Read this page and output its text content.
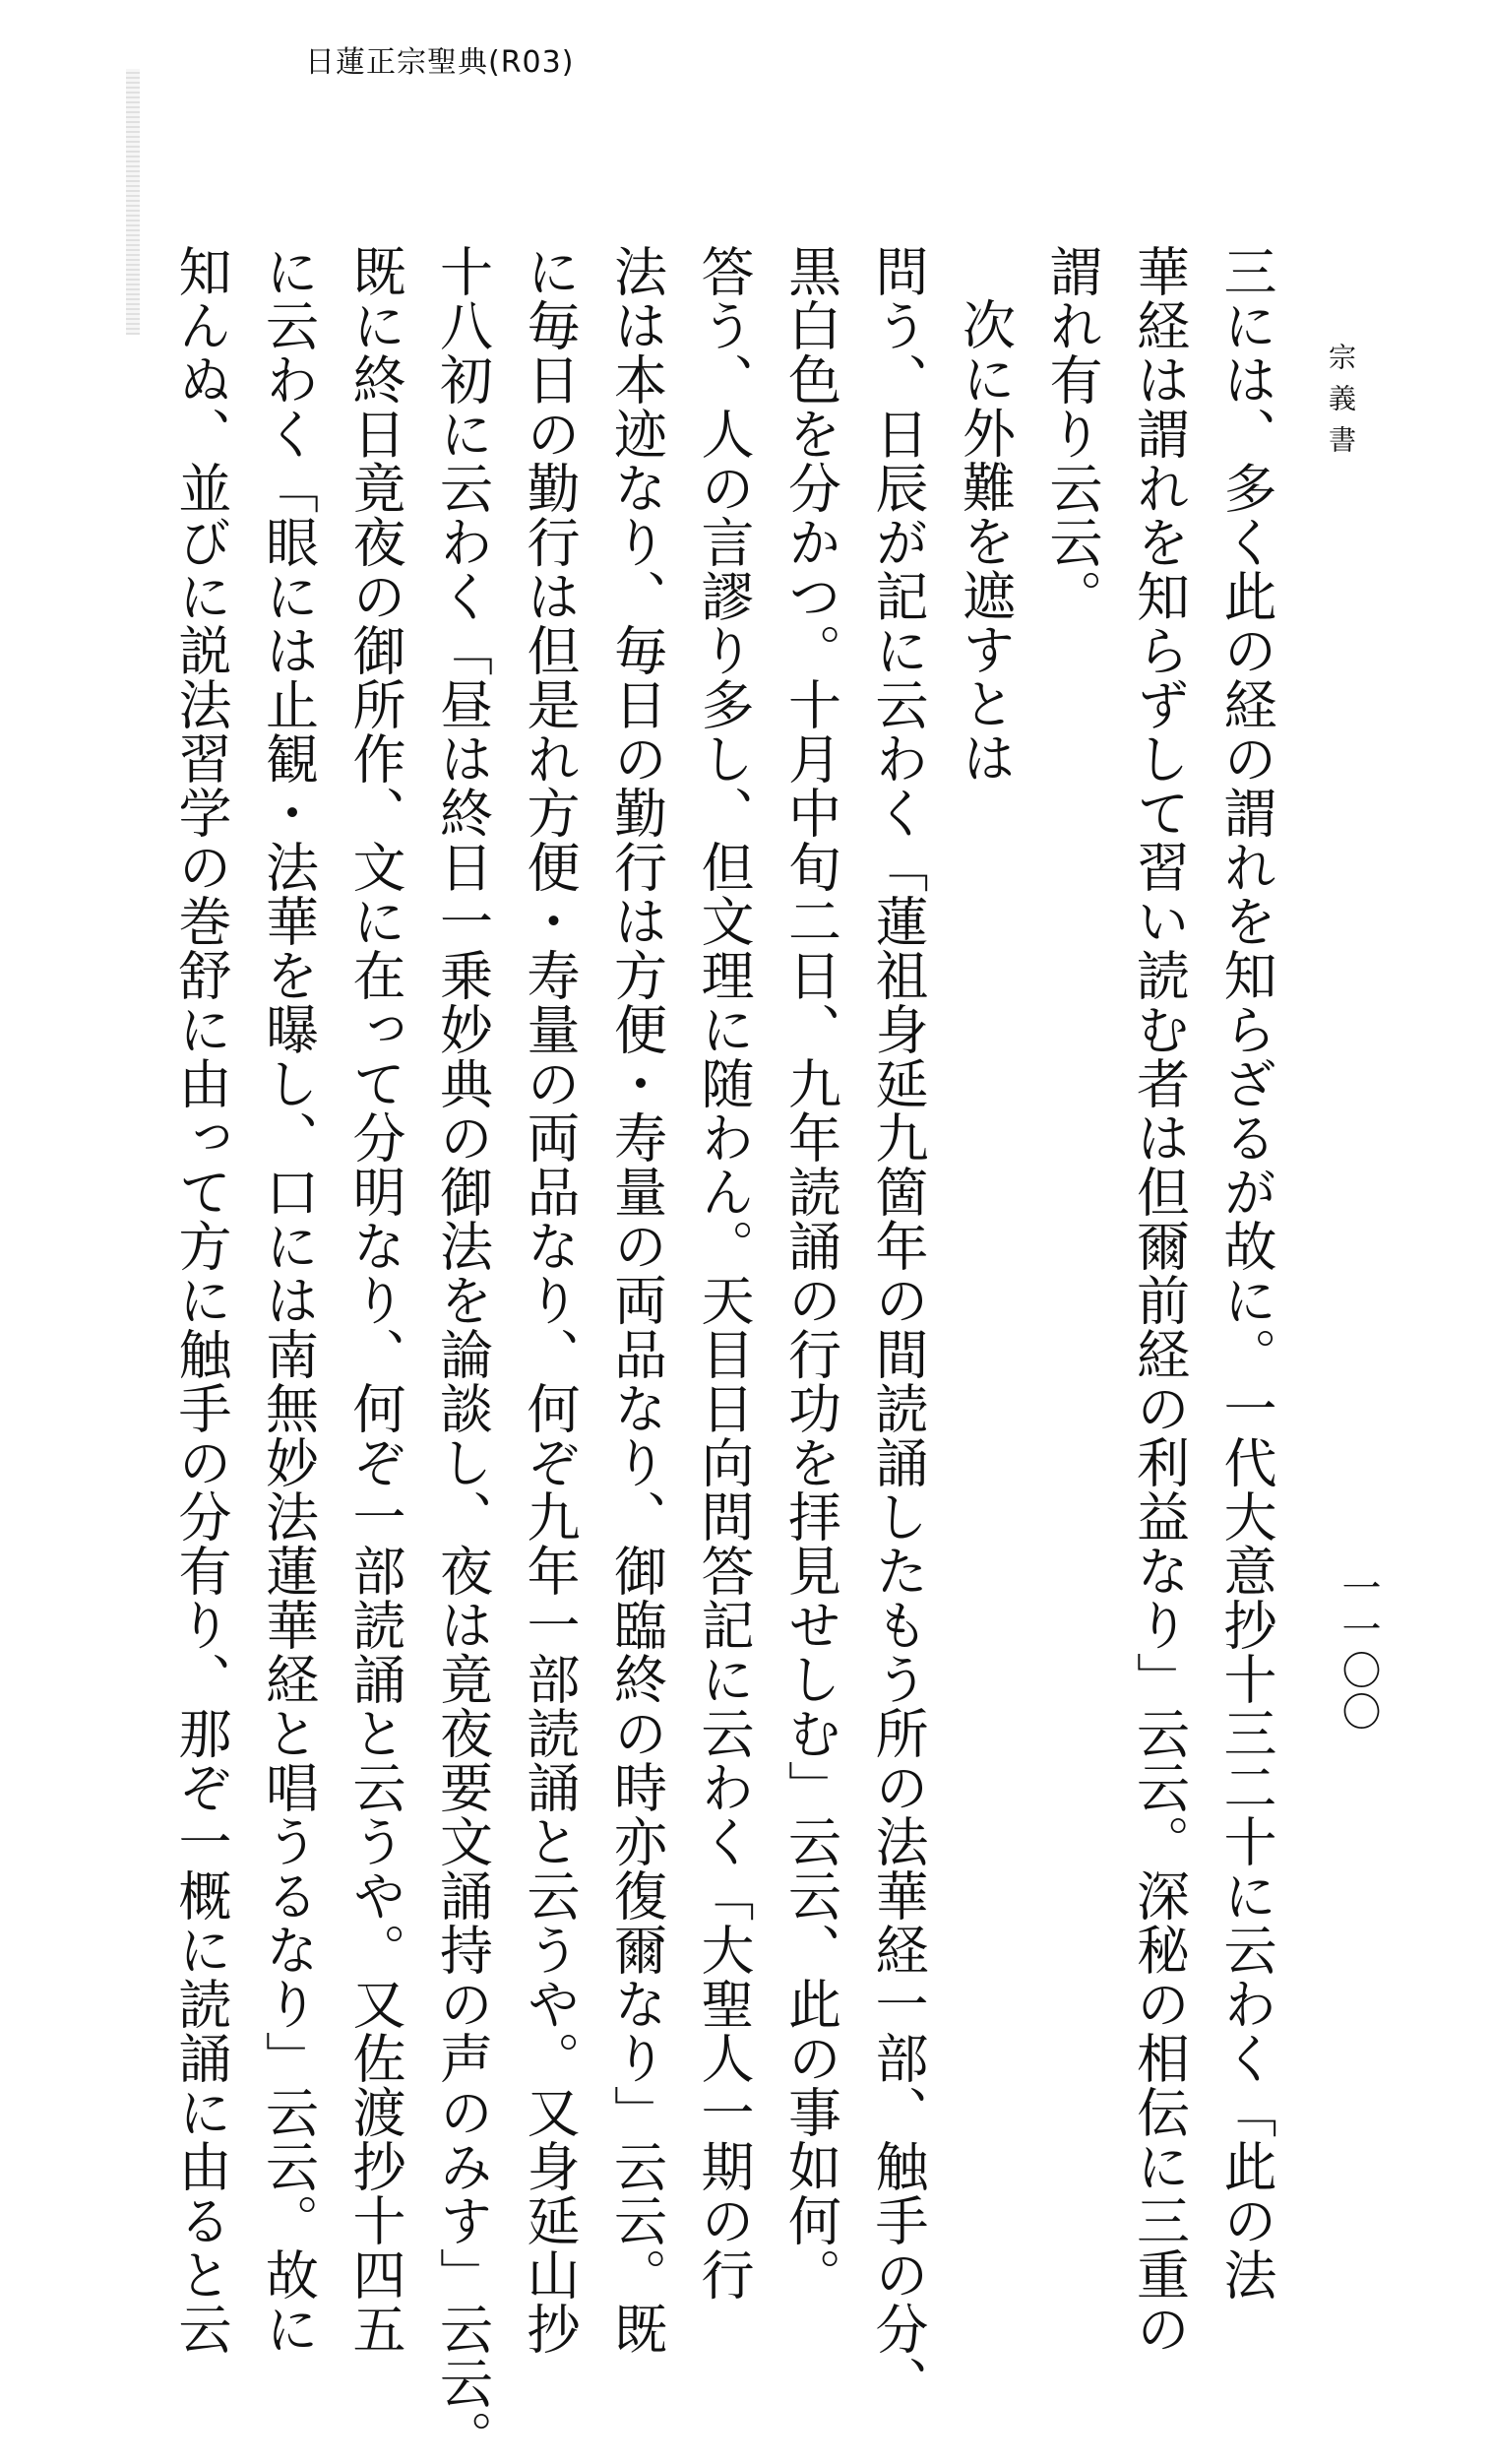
日蓮正宗聖典(R03)
宗義書
一一〇〇
三には、多く此の経の謂れを知らざるが故に。一代大意抄十三二十に云わく「此の法
華経は謂れを知らずして習い読む者は但爾前経の利益なり」云云。深秘の相伝に三重の
謂れ有り云云。
次に外難を遮すとは
問う、日辰が記に云わく「蓮祖身延九箇年の間読誦したもう所の法華経一部、触手の分、
黒白色を分かつ。十月中旬二日、九年読誦の行功を拝見せしむ」云云、此の事如何。
答う、人の言謬り多し、但文理に随わん。天目日向問答記に云わく「大聖人一期の行
法は本迹なり、毎日の勤行は方便・寿量の両品なり、御臨終の時亦復爾なり」云云。既
に毎日の勤行は但是れ方便・寿量の両品なり、何ぞ九年一部読誦と云うや。又身延山抄
十八初に云わく「昼は終日一乗妙典の御法を論談し、夜は竟夜要文誦持の声のみす」云云。
既に終日竟夜の御所作、文に在って分明なり、何ぞ一部読誦と云うや。又佐渡抄十四五
に云わく「眼には止観・法華を曝し、口には南無妙法蓮華経と唱うるなり」云云。故に
知んぬ、並びに説法習学の巻舒に由って方に触手の分有り、那ぞ一概に読誦に由ると云
